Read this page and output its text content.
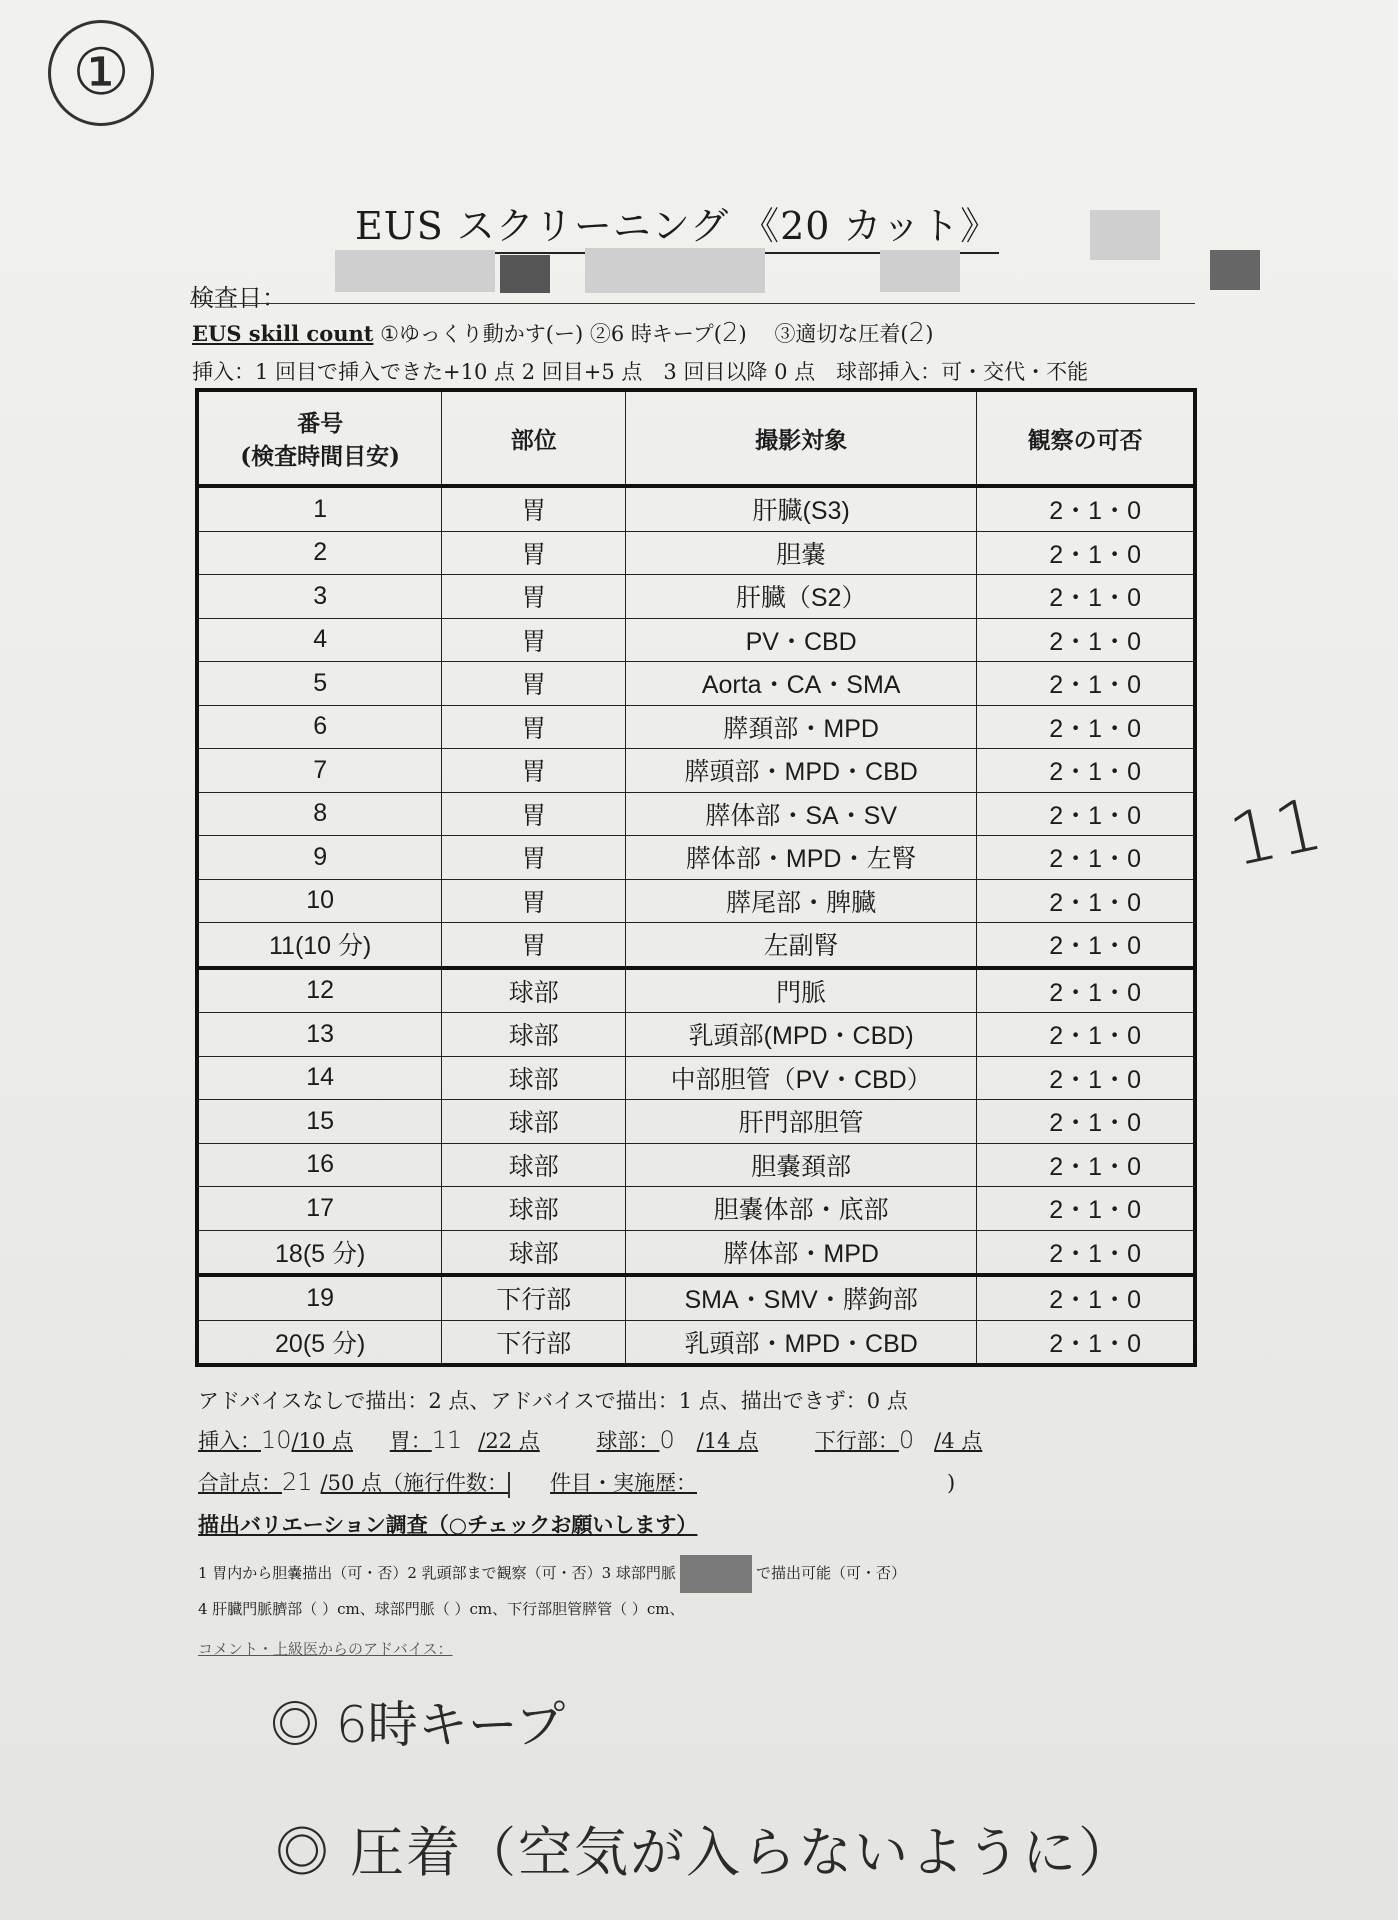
①
EUS スクリーニング 《20 カット》
検査日：
EUS skill count ①ゆっくり動かす(ー) ②6 時キープ(2)　 ③適切な圧着(2)
挿入：1 回目で挿入できた+10 点 2 回目+5 点　3 回目以降 0 点　球部挿入：可・交代・不能
番号
(検査時間目安)	部位	撮影対象	観察の可否
1	胃	肝臓(S3)	2・1・0
2	胃	胆嚢	2・1・0
3	胃	肝臓（S2）	2・1・0
4	胃	PV・CBD	2・1・0
5	胃	Aorta・CA・SMA	2・1・0
6	胃	膵頚部・MPD	2・1・0
7	胃	膵頭部・MPD・CBD	2・1・0
8	胃	膵体部・SA・SV	2・1・0
9	胃	膵体部・MPD・左腎	2・1・0
10	胃	膵尾部・脾臓	2・1・0
11(10 分)	胃	左副腎	2・1・0
12	球部	門脈	2・1・0
13	球部	乳頭部(MPD・CBD)	2・1・0
14	球部	中部胆管（PV・CBD）	2・1・0
15	球部	肝門部胆管	2・1・0
16	球部	胆嚢頚部	2・1・0
17	球部	胆嚢体部・底部	2・1・0
18(5 分)	球部	膵体部・MPD	2・1・0
19	下行部	SMA・SMV・膵鉤部	2・1・0
20(5 分)	下行部	乳頭部・MPD・CBD	2・1・0
11
アドバイスなしで描出：2 点、アドバイスで描出：1 点、描出できず：0 点
挿入：10/10 点 胃：11 /22 点	球部：0 /14 点	下行部：0 /4 点
合計点：21 /50 点（施行件数： 件目・実施歴：	)
描出バリエーション調査（○チェックお願いします）
1 胃内から胆嚢描出（可・否）2 乳頭部まで観察（可・否）3 球部門脈	で描出可能（可・否）
4 肝臓門脈臍部（ ）cm、球部門脈（ ）cm、下行部胆管膵管（ ）cm、
コメント・上級医からのアドバイス：
◎ 6時キープ
◎ 圧着（空気が入らないように）
